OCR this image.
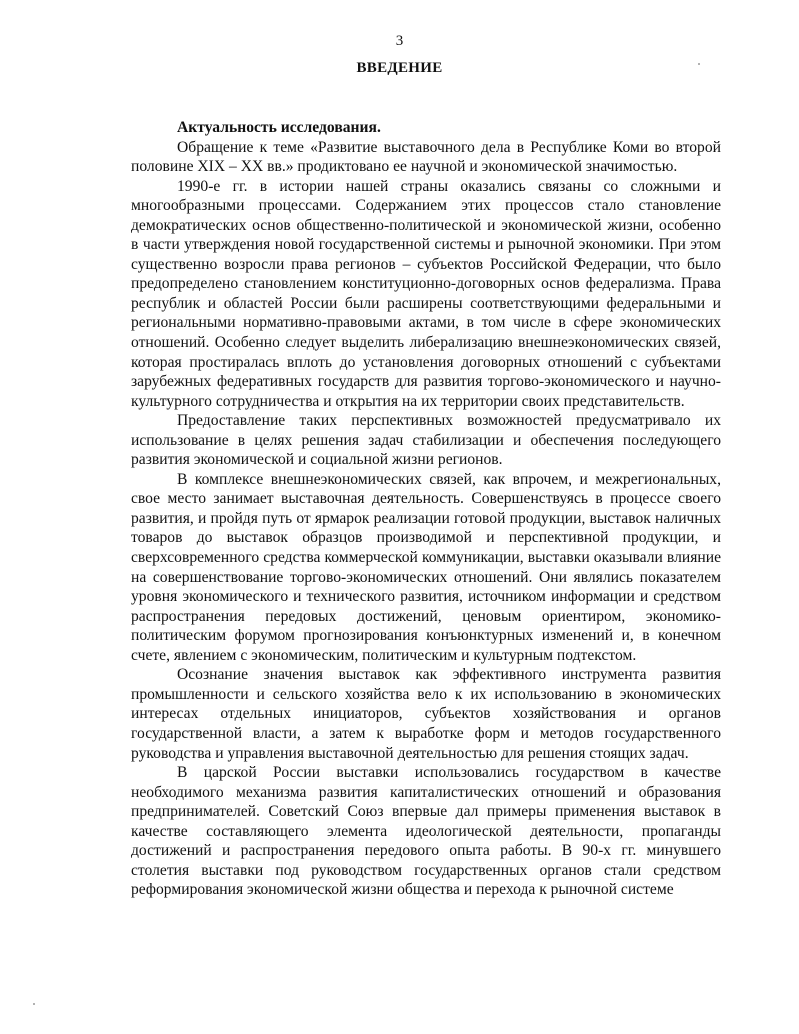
3
ВВЕДЕНИЕ

Актуальность исследования.

Обращение к теме «Развитие выставочного дела в Республике Коми во второй половине XIX – XX вв.» продиктовано ее научной и экономической значимостью.

1990-е гг. в истории нашей страны оказались связаны со сложными и многообразными процессами. Содержанием этих процессов стало становление демократических основ общественно-политической и экономической жизни, особенно в части утверждения новой государственной системы и рыночной экономики. При этом существенно возросли права регионов – субъектов Российской Федерации, что было предопределено становлением конституционно-договорных основ федерализма. Права республик и областей России были расширены соответствующими федеральными и региональными нормативно-правовыми актами, в том числе в сфере экономических отношений. Особенно следует выделить либерализацию внешнеэкономических связей, которая простиралась вплоть до установления договорных отношений с субъектами зарубежных федеративных государств для развития торгово-экономического и научно-культурного сотрудничества и открытия на их территории своих представительств.

Предоставление таких перспективных возможностей предусматривало их использование в целях решения задач стабилизации и обеспечения последующего развития экономической и социальной жизни регионов.

В комплексе внешнеэкономических связей, как впрочем, и межрегиональных, свое место занимает выставочная деятельность. Совершенствуясь в процессе своего развития, и пройдя путь от ярмарок реализации готовой продукции, выставок наличных товаров до выставок образцов производимой и перспективной продукции, и сверхсовременного средства коммерческой коммуникации, выставки оказывали влияние на совершенствование торгово-экономических отношений. Они являлись показателем уровня экономического и технического развития, источником информации и средством распространения передовых достижений, ценовым ориентиром, экономико-политическим форумом прогнозирования конъюнктурных изменений и, в конечном счете, явлением с экономическим, политическим и культурным подтекстом.

Осознание значения выставок как эффективного инструмента развития промышленности и сельского хозяйства вело к их использованию в экономических интересах отдельных инициаторов, субъектов хозяйствования и органов государственной власти, а затем к выработке форм и методов государственного руководства и управления выставочной деятельностью для решения стоящих задач.

В царской России выставки использовались государством в качестве необходимого механизма развития капиталистических отношений и образования предпринимателей. Советский Союз впервые дал примеры применения выставок в качестве составляющего элемента идеологической деятельности, пропаганды достижений и распространения передового опыта работы. В 90-х гг. минувшего столетия выставки под руководством государственных органов стали средством реформирования экономической жизни общества и перехода к рыночной системе
